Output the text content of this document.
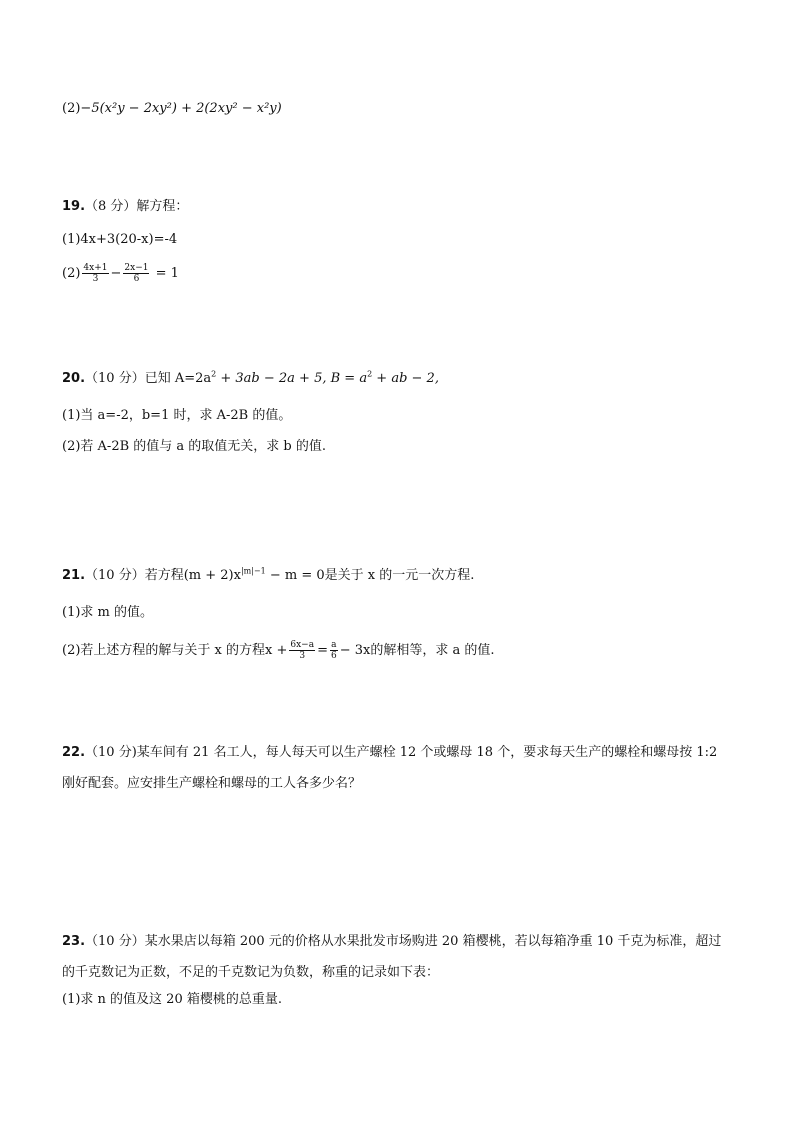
(2)−5(x²y − 2xy²) + 2(2xy² − x²y)
19.（8 分）解方程：
(1)4x+3(20-x)=-4
$(2) \frac{4x+1}{3} - \frac{2x-1}{6} = 1$
20.（10 分）已知 $A=2a^2 + 3ab - 2a + 5$, $B = a^2$ + ab − 2,
(1)当 a=-2，b=1 时，求 A-2B 的值。
(2)若 A-2B 的值与 a 的取值无关，求 b 的值.
21.（10 分）若方程$(m + 2)x^{|m|-1} - m = 0$是关于 x 的一元一次方程.
(1)求 m 的值。
(2)若上述方程的解与关于 x 的方程$x + \frac{6x-a}{3} = \frac{a}{6} - 3x$的解相等，求 a 的值.
22.（10 分)某车间有 21 名工人，每人每天可以生产螺栓 12 个或螺母 18 个，要求每天生产的螺栓和螺母按 1:2 刚好配套。应安排生产螺栓和螺母的工人各多少名？
23.（10 分）某水果店以每箱 200 元的价格从水果批发市场购进 20 箱樱桃，若以每箱净重 10 千克为标准，超过的千克数记为正数，不足的千克数记为负数，称重的记录如下表：
(1)求 n 的值及这 20 箱樱桃的总重量.
